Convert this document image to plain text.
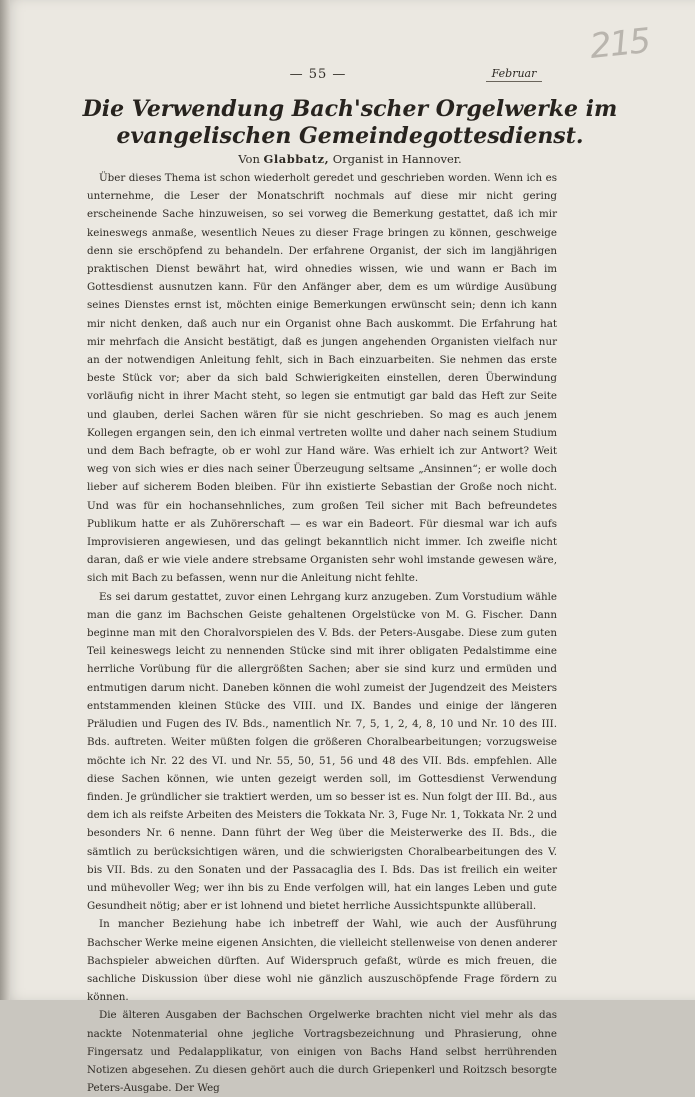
215
— 55 —	Februar
Die Verwendung Bach'scher Orgelwerke im
evangelischen Gemeindegottesdienst.
Von Glabbatz, Organist in Hannover.

Über dieses Thema ist schon wiederholt geredet und geschrieben worden. Wenn ich es unternehme, die Leser der Monatschrift nochmals auf diese mir nicht gering erscheinende Sache hinzuweisen, so sei vorweg die Bemerkung gestattet, daß ich mir keineswegs anmaße, wesentlich Neues zu dieser Frage bringen zu können, geschweige denn sie erschöpfend zu behandeln. Der erfahrene Organist, der sich im langjährigen praktischen Dienst bewährt hat, wird ohnedies wissen, wie und wann er Bach im Gottesdienst ausnutzen kann. Für den Anfänger aber, dem es um würdige Ausübung seines Dienstes ernst ist, möchten einige Bemerkungen erwünscht sein; denn ich kann mir nicht denken, daß auch nur ein Organist ohne Bach auskommt. Die Erfahrung hat mir mehrfach die Ansicht bestätigt, daß es jungen angehenden Organisten vielfach nur an der notwendigen Anleitung fehlt, sich in Bach einzuarbeiten. Sie nehmen das erste beste Stück vor; aber da sich bald Schwierigkeiten einstellen, deren Überwindung vorläufig nicht in ihrer Macht steht, so legen sie entmutigt gar bald das Heft zur Seite und glauben, derlei Sachen wären für sie nicht geschrieben. So mag es auch jenem Kollegen ergangen sein, den ich einmal vertreten wollte und daher nach seinem Studium und dem Bach befragte, ob er wohl zur Hand wäre. Was erhielt ich zur Antwort? Weit weg von sich wies er dies nach seiner Überzeugung seltsame „Ansinnen“; er wolle doch lieber auf sicherem Boden bleiben. Für ihn existierte Sebastian der Große noch nicht. Und was für ein hochansehnliches, zum großen Teil sicher mit Bach befreundetes Publikum hatte er als Zuhörerschaft — es war ein Badeort. Für diesmal war ich aufs Improvisieren angewiesen, und das gelingt bekanntlich nicht immer. Ich zweifle nicht daran, daß er wie viele andere strebsame Organisten sehr wohl imstande gewesen wäre, sich mit Bach zu befassen, wenn nur die Anleitung nicht fehlte.

Es sei darum gestattet, zuvor einen Lehrgang kurz anzugeben. Zum Vorstudium wähle man die ganz im Bachschen Geiste gehaltenen Orgelstücke von M. G. Fischer. Dann beginne man mit den Choralvorspielen des V. Bds. der Peters-Ausgabe. Diese zum guten Teil keineswegs leicht zu nennenden Stücke sind mit ihrer obligaten Pedalstimme eine herrliche Vorübung für die allergrößten Sachen; aber sie sind kurz und ermüden und entmutigen darum nicht. Daneben können die wohl zumeist der Jugendzeit des Meisters entstammenden kleinen Stücke des VIII. und IX. Bandes und einige der längeren Präludien und Fugen des IV. Bds., namentlich Nr. 7, 5, 1, 2, 4, 8, 10 und Nr. 10 des III. Bds. auftreten. Weiter müßten folgen die größeren Choralbearbeitungen; vorzugsweise möchte ich Nr. 22 des VI. und Nr. 55, 50, 51, 56 und 48 des VII. Bds. empfehlen. Alle diese Sachen können, wie unten gezeigt werden soll, im Gottesdienst Verwendung finden. Je gründlicher sie traktiert werden, um so besser ist es. Nun folgt der III. Bd., aus dem ich als reifste Arbeiten des Meisters die Tokkata Nr. 3, Fuge Nr. 1, Tokkata Nr. 2 und besonders Nr. 6 nenne. Dann führt der Weg über die Meisterwerke des II. Bds., die sämtlich zu berücksichtigen wären, und die schwierigsten Choralbearbeitungen des V. bis VII. Bds. zu den Sonaten und der Passacaglia des I. Bds. Das ist freilich ein weiter und mühevoller Weg; wer ihn bis zu Ende verfolgen will, hat ein langes Leben und gute Gesundheit nötig; aber er ist lohnend und bietet herrliche Aussichtspunkte allüberall.

In mancher Beziehung habe ich inbetreff der Wahl, wie auch der Ausführung Bachscher Werke meine eigenen Ansichten, die vielleicht stellenweise von denen anderer Bachspieler abweichen dürften. Auf Widerspruch gefaßt, würde es mich freuen, die sachliche Diskussion über diese wohl nie gänzlich auszuschöpfende Frage fördern zu können.

Die älteren Ausgaben der Bachschen Orgelwerke brachten nicht viel mehr als das nackte Notenmaterial ohne jegliche Vortragsbezeichnung und Phrasierung, ohne Fingersatz und Pedalapplikatur, von einigen von Bachs Hand selbst herrührenden Notizen abgesehen. Zu diesen gehört auch die durch Griepenkerl und Roitzsch besorgte Peters-Ausgabe. Der Weg
